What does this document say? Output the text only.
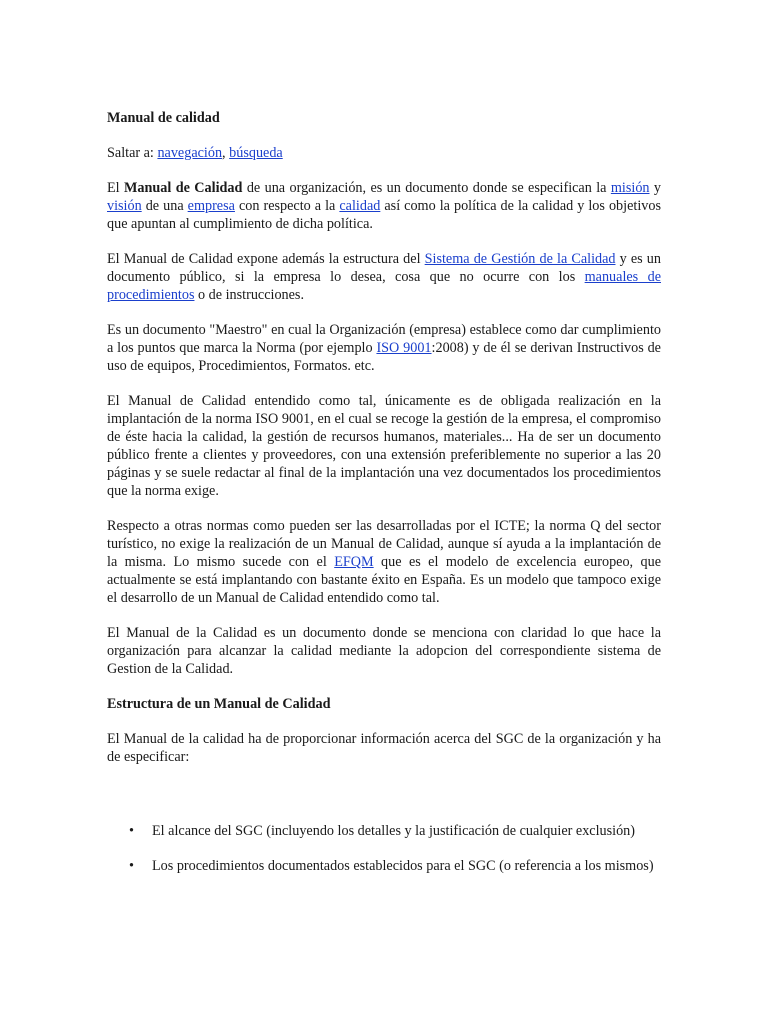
Manual de calidad
Saltar a: navegación, búsqueda

El Manual de Calidad de una organización, es un documento donde se especifican la misión y visión de una empresa con respecto a la calidad así como la política de la calidad y los objetivos que apuntan al cumplimiento de dicha política.

El Manual de Calidad expone además la estructura del Sistema de Gestión de la Calidad y es un documento público, si la empresa lo desea, cosa que no ocurre con los manuales de procedimientos o de instrucciones.

Es un documento "Maestro" en cual la Organización (empresa) establece como dar cumplimiento a los puntos que marca la Norma (por ejemplo ISO 9001:2008) y de él se derivan Instructivos de uso de equipos, Procedimientos, Formatos. etc.

El Manual de Calidad entendido como tal, únicamente es de obligada realización en la implantación de la norma ISO 9001, en el cual se recoge la gestión de la empresa, el compromiso de éste hacia la calidad, la gestión de recursos humanos, materiales... Ha de ser un documento público frente a clientes y proveedores, con una extensión preferiblemente no superior a las 20 páginas y se suele redactar al final de la implantación una vez documentados los procedimientos que la norma exige.

Respecto a otras normas como pueden ser las desarrolladas por el ICTE; la norma Q del sector turístico, no exige la realización de un Manual de Calidad, aunque sí ayuda a la implantación de la misma. Lo mismo sucede con el EFQM que es el modelo de excelencia europeo, que actualmente se está implantando con bastante éxito en España. Es un modelo que tampoco exige el desarrollo de un Manual de Calidad entendido como tal.

El Manual de la Calidad es un documento donde se menciona con claridad lo que hace la organización para alcanzar la calidad mediante la adopcion del correspondiente sistema de Gestion de la Calidad.

Estructura de un Manual de Calidad

El Manual de la calidad ha de proporcionar información acerca del SGC de la organización y ha de especificar:

• El alcance del SGC (incluyendo los detalles y la justificación de cualquier exclusión)
• Los procedimientos documentados establecidos para el SGC (o referencia a los mismos)
